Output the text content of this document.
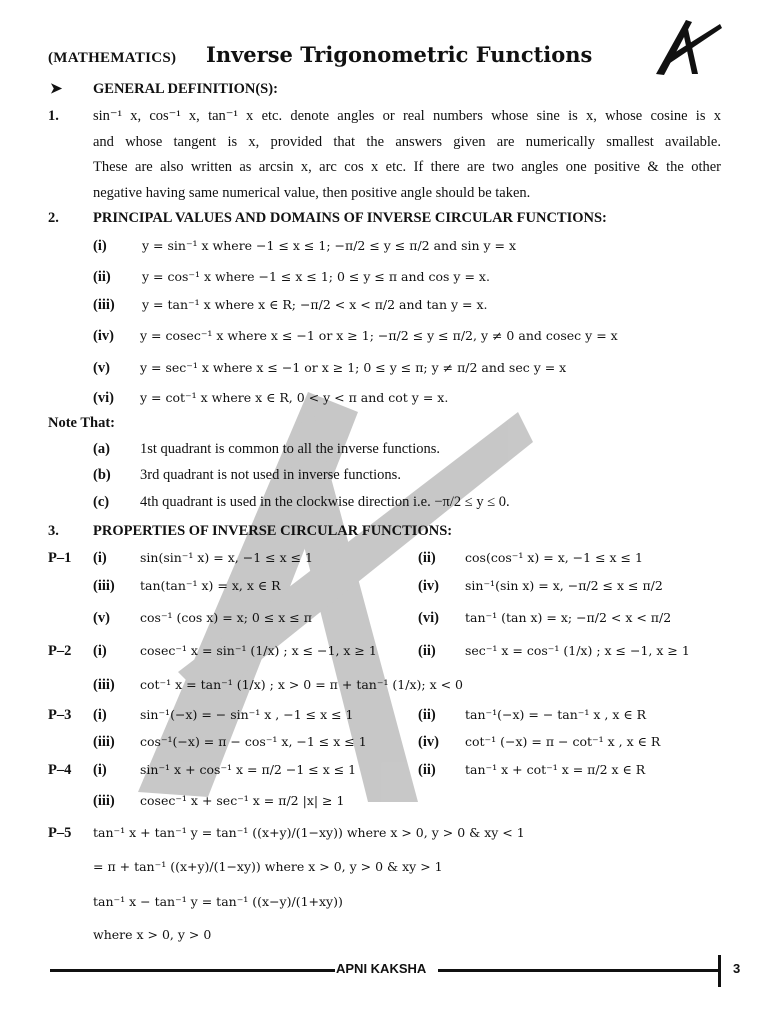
(MATHEMATICS) Inverse Trigonometric Functions
➤ GENERAL DEFINITION(S):
1. sin⁻¹ x, cos⁻¹ x, tan⁻¹ x etc. denote angles or real numbers whose sine is x, whose cosine is x
and whose tangent is x, provided that the answers given are numerically smallest available.
These are also written as arcsin x, arc cos x etc. If there are two angles one positive & the other
negative having same numerical value, then positive angle should be taken.
2. PRINCIPAL VALUES AND DOMAINS OF INVERSE CIRCULAR FUNCTIONS:
(i)	y = sin⁻¹ x where −1 ≤ x ≤ 1; −π/2 ≤ y ≤ π/2 and sin y = x
(ii)	y = cos⁻¹ x where −1 ≤ x ≤ 1; 0 ≤ y ≤ π and cos y = x.
(iii) y = tan⁻¹ x where x ∈ R; −π/2 < x < π/2 and tan y = x.
(iv) y = cosec⁻¹ x where x ≤ −1 or x ≥ 1; −π/2 ≤ y ≤ π/2, y ≠ 0 and cosec y = x
(v) y = sec⁻¹ x where x ≤ −1 or x ≥ 1; 0 ≤ y ≤ π; y ≠ π/2 and sec y = x
(vi) y = cot⁻¹ x where x ∈ R, 0 < y < π and cot y = x.
Note That:
(a) 1st quadrant is common to all the inverse functions.
(b) 3rd quadrant is not used in inverse functions.
(c) 4th quadrant is used in the clockwise direction i.e. −π/2 ≤ y ≤ 0.
3. PROPERTIES OF INVERSE CIRCULAR FUNCTIONS:
P–1 (i)	sin(sin⁻¹ x) = x, −1 ≤ x ≤ 1	(ii) cos(cos⁻¹ x) = x, −1 ≤ x ≤ 1
(iii) tan(tan⁻¹ x) = x, x ∈ R	(iv) sin⁻¹(sin x) = x, −π/2 ≤ x ≤ π/2
(v) cos⁻¹ (cos x) = x; 0 ≤ x ≤ π	(vi) tan⁻¹ (tan x) = x; −π/2 < x < π/2
P–2 (i)	cosec⁻¹ x = sin⁻¹ (1/x) ; x ≤ −1, x ≥ 1	(ii) sec⁻¹ x = cos⁻¹ (1/x) ; x ≤ −1, x ≥ 1
(iii) cot⁻¹ x = tan⁻¹ (1/x) ; x > 0 = π + tan⁻¹ (1/x); x < 0
P–3 (i)	sin⁻¹(−x) = − sin⁻¹ x , −1 ≤ x ≤ 1	(ii) tan⁻¹(−x) = − tan⁻¹ x , x ∈ R
(iii) cos⁻¹(−x) = π − cos⁻¹ x, −1 ≤ x ≤ 1	(iv) cot⁻¹ (−x) = π − cot⁻¹ x , x ∈ R
P–4 (i)	sin⁻¹ x + cos⁻¹ x = π/2 −1 ≤ x ≤ 1	(ii) tan⁻¹ x + cot⁻¹ x = π/2 x ∈ R
(iii) cosec⁻¹ x + sec⁻¹ x = π/2 |x| ≥ 1
P–5 tan⁻¹ x + tan⁻¹ y = tan⁻¹ ((x+y)/(1−xy)) where x > 0, y > 0 & xy < 1
= π + tan⁻¹ ((x+y)/(1−xy)) where x > 0, y > 0 & xy > 1
tan⁻¹ x − tan⁻¹ y = tan⁻¹ ((x−y)/(1+xy))
where x > 0, y > 0
APNI KAKSHA	3
